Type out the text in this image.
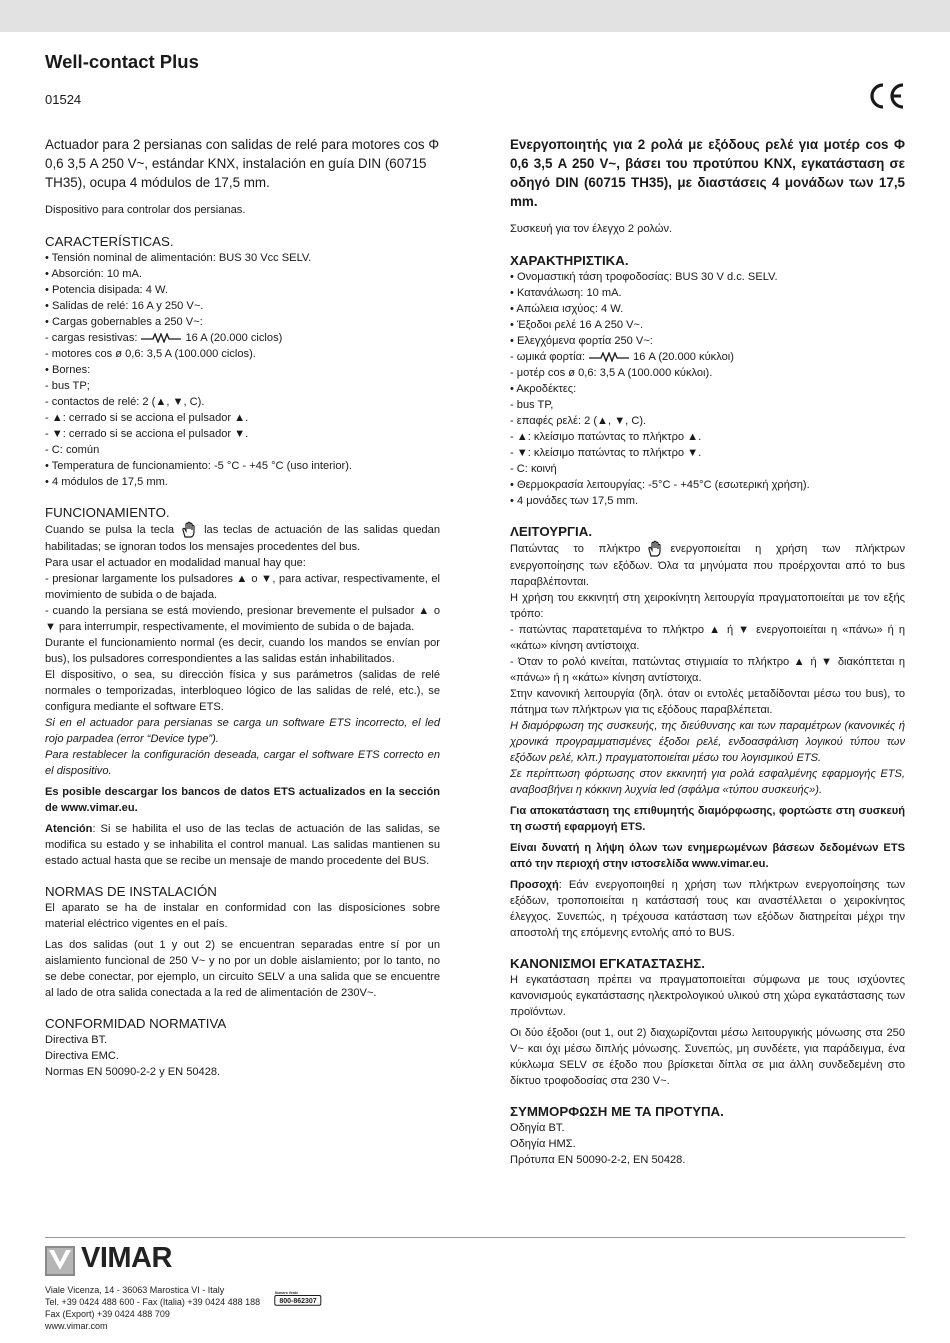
Well-contact Plus
01524

Actuador para 2 persianas con salidas de relé para motores cos Φ 0,6 3,5 A 250 V~, estándar KNX, instalación en guía DIN (60715 TH35), ocupa 4 módulos de 17,5 mm.

Dispositivo para controlar dos persianas.

CARACTERÍSTICAS.
• Tensión nominal de alimentación: BUS 30 Vcc SELV.
• Absorción: 10 mA.
• Potencia disipada: 4 W.
• Salidas de relé: 16 A y 250 V~.
• Cargas gobernables a 250 V~:
- cargas resistivas:	16 A (20.000 ciclos)
- motores cos ø 0,6: 3,5 A (100.000 ciclos).
• Bornes:
- bus TP;
- contactos de relé: 2 (▲, ▼, C).
- ▲: cerrado si se acciona el pulsador ▲.
- ▼: cerrado si se acciona el pulsador ▼.
- C: común
• Temperatura de funcionamiento: -5 °C - +45 °C (uso interior).
• 4 módulos de 17,5 mm.
FUNCIONAMIENTO.

Cuando se pulsa la tecla	las teclas de actuación de las salidas quedan habilitadas; se ignoran todos los mensajes procedentes del bus.

Para usar el actuador en modalidad manual hay que:

- presionar largamente los pulsadores ▲ o ▼, para activar, respectivamente, el movimiento de subida o de bajada.

- cuando la persiana se está moviendo, presionar brevemente el pulsador ▲ o ▼ para interrumpir, respectivamente, el movimiento de subida o de bajada.

Durante el funcionamiento normal (es decir, cuando los mandos se envían por bus), los pulsadores correspondientes a las salidas están inhabilitados.

El dispositivo, o sea, su dirección física y sus parámetros (salidas de relé normales o temporizadas, interbloqueo lógico de las salidas de relé, etc.), se configura mediante el software ETS.

Si en el actuador para persianas se carga un software ETS incorrecto, el led rojo parpadea (error “Device type”).

Para restablecer la configuración deseada, cargar el software ETS correcto en el dispositivo.

Es posible descargar los bancos de datos ETS actualizados en la sección de www.vimar.eu.

Atención: Si se habilita el uso de las teclas de actuación de las salidas, se modifica su estado y se inhabilita el control manual. Las salidas mantienen su estado actual hasta que se recibe un mensaje de mando procedente del BUS.

NORMAS DE INSTALACIÓN

El aparato se ha de instalar en conformidad con las disposiciones sobre material eléctrico vigentes en el país.

Las dos salidas (out 1 y out 2) se encuentran separadas entre sí por un aislamiento funcional de 250 V~ y no por un doble aislamiento; por lo tanto, no se debe conectar, por ejemplo, un circuito SELV a una salida que se encuentre al lado de otra salida conectada a la red de alimentación de 230V~.

CONFORMIDAD NORMATIVA
Directiva BT.
Directiva EMC.
Normas EN 50090-2-2 y EN 50428.

Ενεργοποιητής για 2 ρολά με εξόδους ρελέ για μοτέρ cos Φ 0,6 3,5 A 250 V~, βάσει του προτύπου KNX, εγκατάσταση σε οδηγό DIN (60715 TH35), με διαστάσεις 4 μονάδων των 17,5 mm.

Συσκευή για τον έλεγχο 2 ρολών.

ΧΑΡΑΚΤΗΡΙΣΤΙΚΑ.
• Ονομαστική τάση τροφοδοσίας: BUS 30 V d.c. SELV.
• Κατανάλωση: 10 mA.
• Απώλεια ισχύος: 4 W.
• Έξοδοι ρελέ 16 A 250 V~.
• Ελεγχόμενα φορτία 250 V~:
- ωμικά φορτία:	16 A (20.000 κύκλοι)
- μοτέρ cos ø 0,6: 3,5 A (100.000 κύκλοι).
• Ακροδέκτες:
- bus TP,
- επαφές ρελέ: 2 (▲, ▼, C).
- ▲: κλείσιμο πατώντας το πλήκτρο ▲.
- ▼: κλείσιμο πατώντας το πλήκτρο ▼.
- C: κοινή
• Θερμοκρασία λειτουργίας: -5°C - +45°C (εσωτερική χρήση).
• 4 μονάδες των 17,5 mm.
ΛΕΙΤΟΥΡΓΙΑ.

Πατώντας το πλήκτρο	ενεργοποιείται η χρήση των πλήκτρων ενεργοποίησης των εξόδων. Όλα τα μηνύματα που προέρχονται από το bus παραβλέπονται.

Η χρήση του εκκινητή στη χειροκίνητη λειτουργία πραγματοποιείται με τον εξής τρόπο:

- πατώντας παρατεταμένα το πλήκτρο ▲ ή ▼ ενεργοποιείται η «πάνω» ή η «κάτω» κίνηση αντίστοιχα.

- Όταν το ρολό κινείται, πατώντας στιγμιαία το πλήκτρο ▲ ή ▼ διακόπτεται η «πάνω» ή η «κάτω» κίνηση αντίστοιχα.

Στην κανονική λειτουργία (δηλ. όταν οι εντολές μεταδίδονται μέσω του bus), το πάτημα των πλήκτρων για τις εξόδους παραβλέπεται.

Η διαμόρφωση της συσκευής, της διεύθυνσης και των παραμέτρων (κανονικές ή χρονικά προγραμματισμένες έξοδοι ρελέ, ενδοασφάλιση λογικού τύπου των εξόδων ρελέ, κλπ.) πραγματοποιείται μέσω του λογισμικού ETS.

Σε περίπτωση φόρτωσης στον εκκινητή για ρολά εσφαλμένης εφαρμογής ETS, αναβοσβήνει η κόκκινη λυχνία led (σφάλμα «τύπου συσκευής»).

Για αποκατάσταση της επιθυμητής διαμόρφωσης, φορτώστε στη συσκευή τη σωστή εφαρμογή ETS.

Είναι δυνατή η λήψη όλων των ενημερωμένων βάσεων δεδομένων ETS από την περιοχή στην ιστοσελίδα www.vimar.eu.

Προσοχή: Εάν ενεργοποιηθεί η χρήση των πλήκτρων ενεργοποίησης των εξόδων, τροποποιείται η κατάστασή τους και αναστέλλεται ο χειροκίνητος έλεγχος. Συνεπώς, η τρέχουσα κατάσταση των εξόδων διατηρείται μέχρι την αποστολή της επόμενης εντολής από το BUS.

ΚΑΝΟΝΙΣΜΟΙ ΕΓΚΑΤΑΣΤΑΣΗΣ.

Η εγκατάσταση πρέπει να πραγματοποιείται σύμφωνα με τους ισχύοντες κανονισμούς εγκατάστασης ηλεκτρολογικού υλικού στη χώρα εγκατάστασης των προϊόντων.

Οι δύο έξοδοι (out 1, out 2) διαχωρίζονται μέσω λειτουργικής μόνωσης στα 250 V~ και όχι μέσω διπλής μόνωσης. Συνεπώς, μη συνδέετε, για παράδειγμα, ένα κύκλωμα SELV σε έξοδο που βρίσκεται δίπλα σε μια άλλη συνδεδεμένη στο δίκτυο τροφοδοσίας στα 230 V~.

ΣΥΜΜΟΡΦΩΣΗ ΜΕ ΤΑ ΠΡΟΤΥΠΑ.
Οδηγία ΒΤ.
Οδηγία ΗΜΣ.
Πρότυπα EN 50090-2-2, EN 50428.
VIMAR
Viale Vicenza, 14 - 36063 Marostica VI - Italy
Tel. +39 0424 488 600 - Fax (Italia) +39 0424 488 188
Fax (Export) +39 0424 488 709
www.vimar.com
Numero Verde
800-862307
